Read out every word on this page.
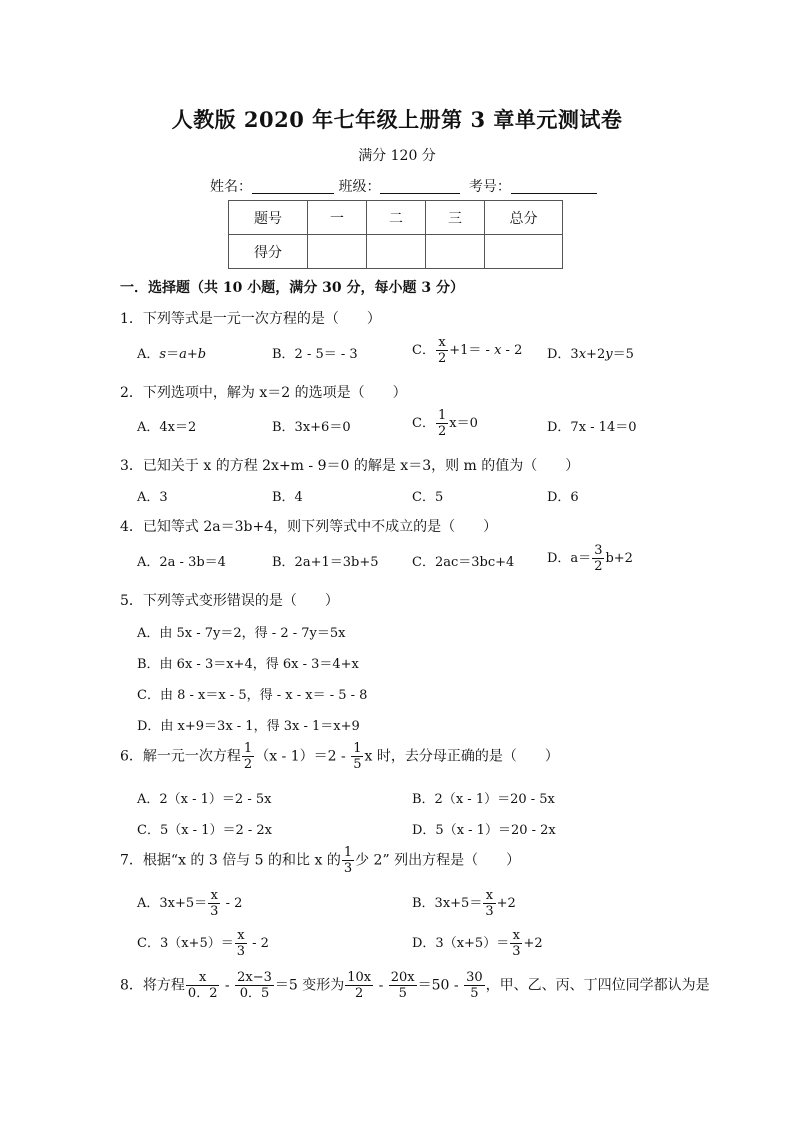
人教版 2020 年七年级上册第 3 章单元测试卷
满分 120 分
姓名：	班级：	考号：
题号	一	二	三	总分
得分				
一．选择题（共 10 小题，满分 30 分，每小题 3 分）
1．下列等式是一元一次方程的是（　　）
A．s＝a+b	B．2 - 5＝ - 3	C． $\frac{x}{2} +1= - x - 2$ D．3x+2y＝5
2．下列选项中，解为 x＝2 的选项是（　　）
A．4x＝2	B．3x+6＝0	C． $\frac{1}{2} x=0$	D．7x - 14＝0
3．已知关于 x 的方程 2x+m - 9＝0 的解是 x＝3，则 m 的值为（　　）
A．3	B．4	C．5	D．6
4．已知等式 2a＝3b+4，则下列等式中不成立的是（　　）
A．2a - 3b＝4	B．2a+1＝3b+5	C．2ac＝3bc+4	D．$a= \frac{3}{2} b+2$
5．下列等式变形错误的是（　　）
A．由 5x - 7y＝2，得 - 2 - 7y＝5x
B．由 6x - 3＝x+4，得 6x - 3＝4+x
C．由 8 - x＝x - 5，得 - x - x＝ - 5 - 8
D．由 x+9＝3x - 1，得 3x - 1＝x+9
6．解一元一次方程 $\frac{1}{2} (x - 1)=2 - \frac{1}{5}$ x 时，去分母正确的是（　　）
A．2（x - 1）＝2 - 5x	B．2（x - 1）＝20 - 5x
C．5（x - 1）＝2 - 2x	D．5（x - 1）＝20 - 2x
7．根据“x 的 3 倍与 5 的和比 x 的 $\frac{1}{3}$ 少 2” 列出方程是（　　）
A．$3x+5= \frac{x}{3} - 2$	B．$3x+5= \frac{x}{3} +2$
C．$3(x+5)= \frac{x}{3} - 2$	D．$3(x+5)= \frac{x}{3} +2$
8．将方程 $\frac{x}{0.2} - \frac{2x-3}{0.5} =5$ 变形为 $\frac{10x}{2} - \frac{20x}{5} =50 - \frac{30}{5}$ ，甲、乙、丙、丁四位同学都认为是
